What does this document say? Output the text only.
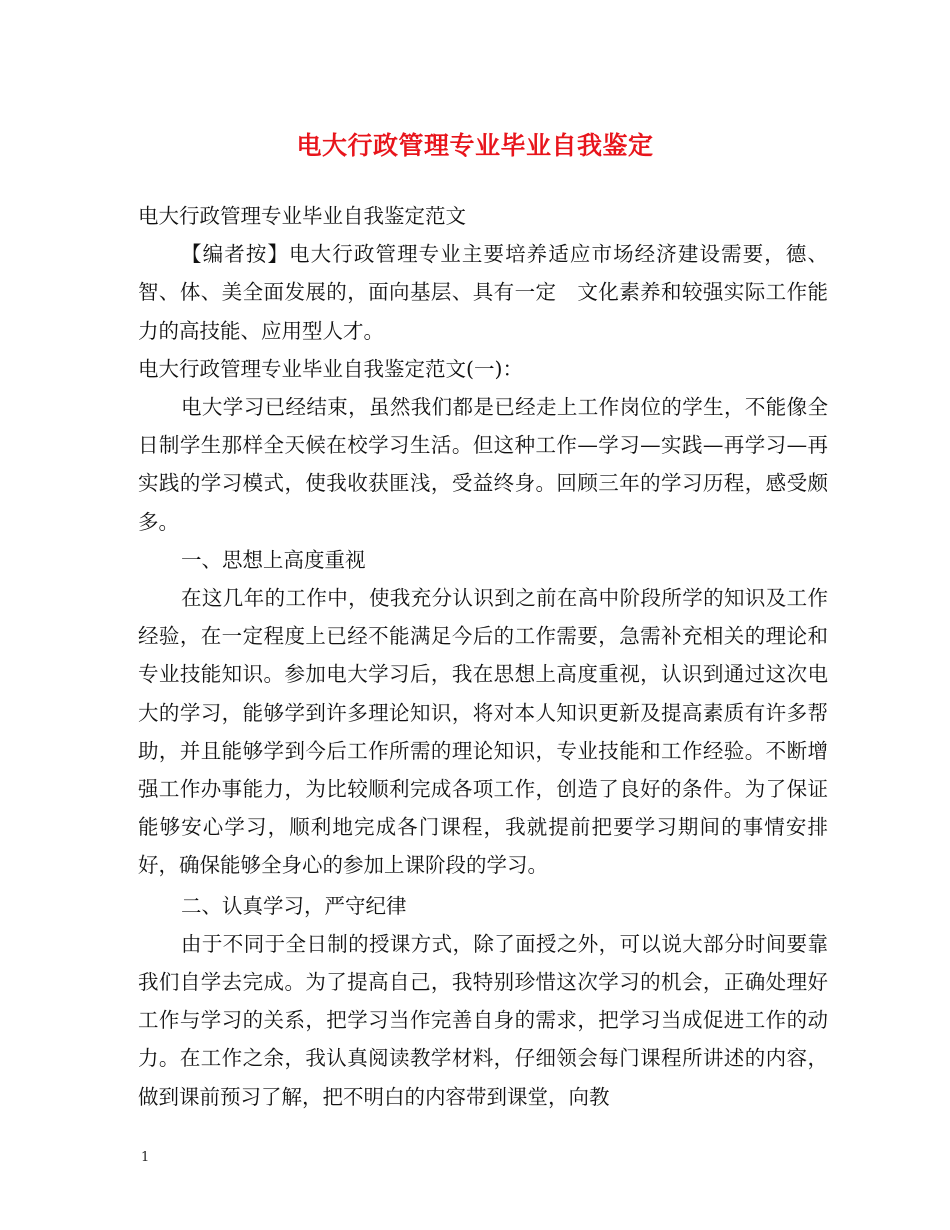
电大行政管理专业毕业自我鉴定

电大行政管理专业毕业自我鉴定范文

【编者按】电大行政管理专业主要培养适应市场经济建设需要，德、智、体、美全面发展的，面向基层、具有一定　文化素养和较强实际工作能力的高技能、应用型人才。

电大行政管理专业毕业自我鉴定范文(一)：

电大学习已经结束，虽然我们都是已经走上工作岗位的学生，不能像全日制学生那样全天候在校学习生活。但这种工作—学习—实践—再学习—再实践的学习模式，使我收获匪浅，受益终身。回顾三年的学习历程，感受颇多。

一、思想上高度重视

在这几年的工作中，使我充分认识到之前在高中阶段所学的知识及工作经验，在一定程度上已经不能满足今后的工作需要，急需补充相关的理论和专业技能知识。参加电大学习后，我在思想上高度重视，认识到通过这次电大的学习，能够学到许多理论知识，将对本人知识更新及提高素质有许多帮助，并且能够学到今后工作所需的理论知识，专业技能和工作经验。不断增强工作办事能力，为比较顺利完成各项工作，创造了良好的条件。为了保证能够安心学习，顺利地完成各门课程，我就提前把要学习期间的事情安排好，确保能够全身心的参加上课阶段的学习。

二、认真学习，严守纪律

由于不同于全日制的授课方式，除了面授之外，可以说大部分时间要靠我们自学去完成。为了提高自己，我特别珍惜这次学习的机会，正确处理好工作与学习的关系，把学习当作完善自身的需求，把学习当成促进工作的动力。在工作之余，我认真阅读教学材料，仔细领会每门课程所讲述的内容，做到课前预习了解，把不明白的内容带到课堂，向教

1
